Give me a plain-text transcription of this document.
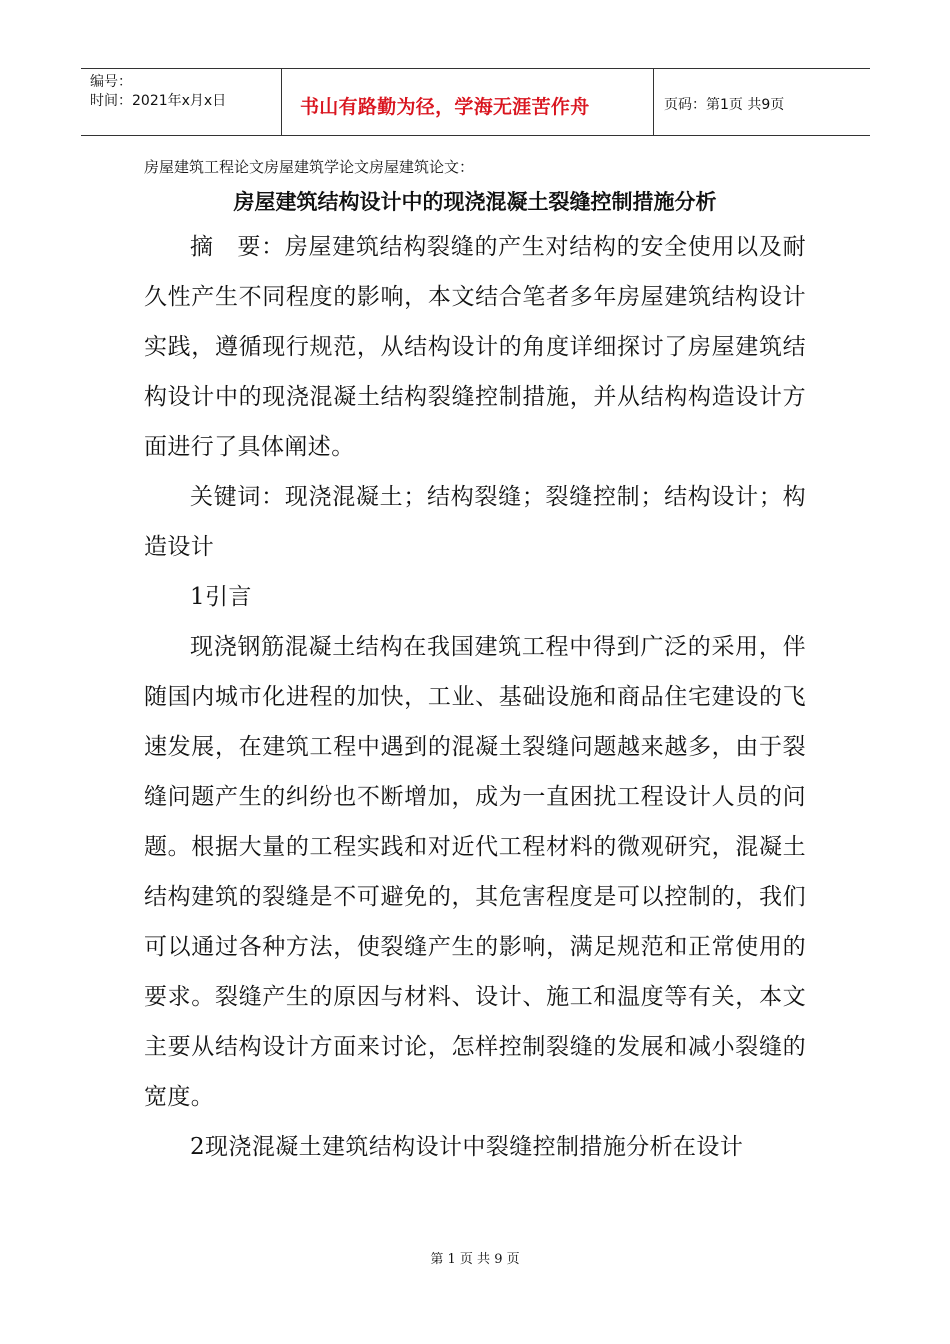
编号：
时间：2021年x月x日	书山有路勤为径，学海无涯苦作舟	页码：第1页 共9页

房屋建筑工程论文房屋建筑学论文房屋建筑论文：

房屋建筑结构设计中的现浇混凝土裂缝控制措施分析

摘　要：房屋建筑结构裂缝的产生对结构的安全使用以及耐久性产生不同程度的影响，本文结合笔者多年房屋建筑结构设计实践，遵循现行规范，从结构设计的角度详细探讨了房屋建筑结构设计中的现浇混凝土结构裂缝控制措施，并从结构构造设计方面进行了具体阐述。

关键词：现浇混凝土；结构裂缝；裂缝控制；结构设计；构造设计

1引言

现浇钢筋混凝土结构在我国建筑工程中得到广泛的采用，伴随国内城市化进程的加快，工业、基础设施和商品住宅建设的飞速发展，在建筑工程中遇到的混凝土裂缝问题越来越多，由于裂缝问题产生的纠纷也不断增加，成为一直困扰工程设计人员的问题。根据大量的工程实践和对近代工程材料的微观研究，混凝土结构建筑的裂缝是不可避免的，其危害程度是可以控制的，我们可以通过各种方法，使裂缝产生的影响，满足规范和正常使用的要求。裂缝产生的原因与材料、设计、施工和温度等有关，本文主要从结构设计方面来讨论，怎样控制裂缝的发展和减小裂缝的宽度。

2现浇混凝土建筑结构设计中裂缝控制措施分析在设计

第 1 页 共 9 页
